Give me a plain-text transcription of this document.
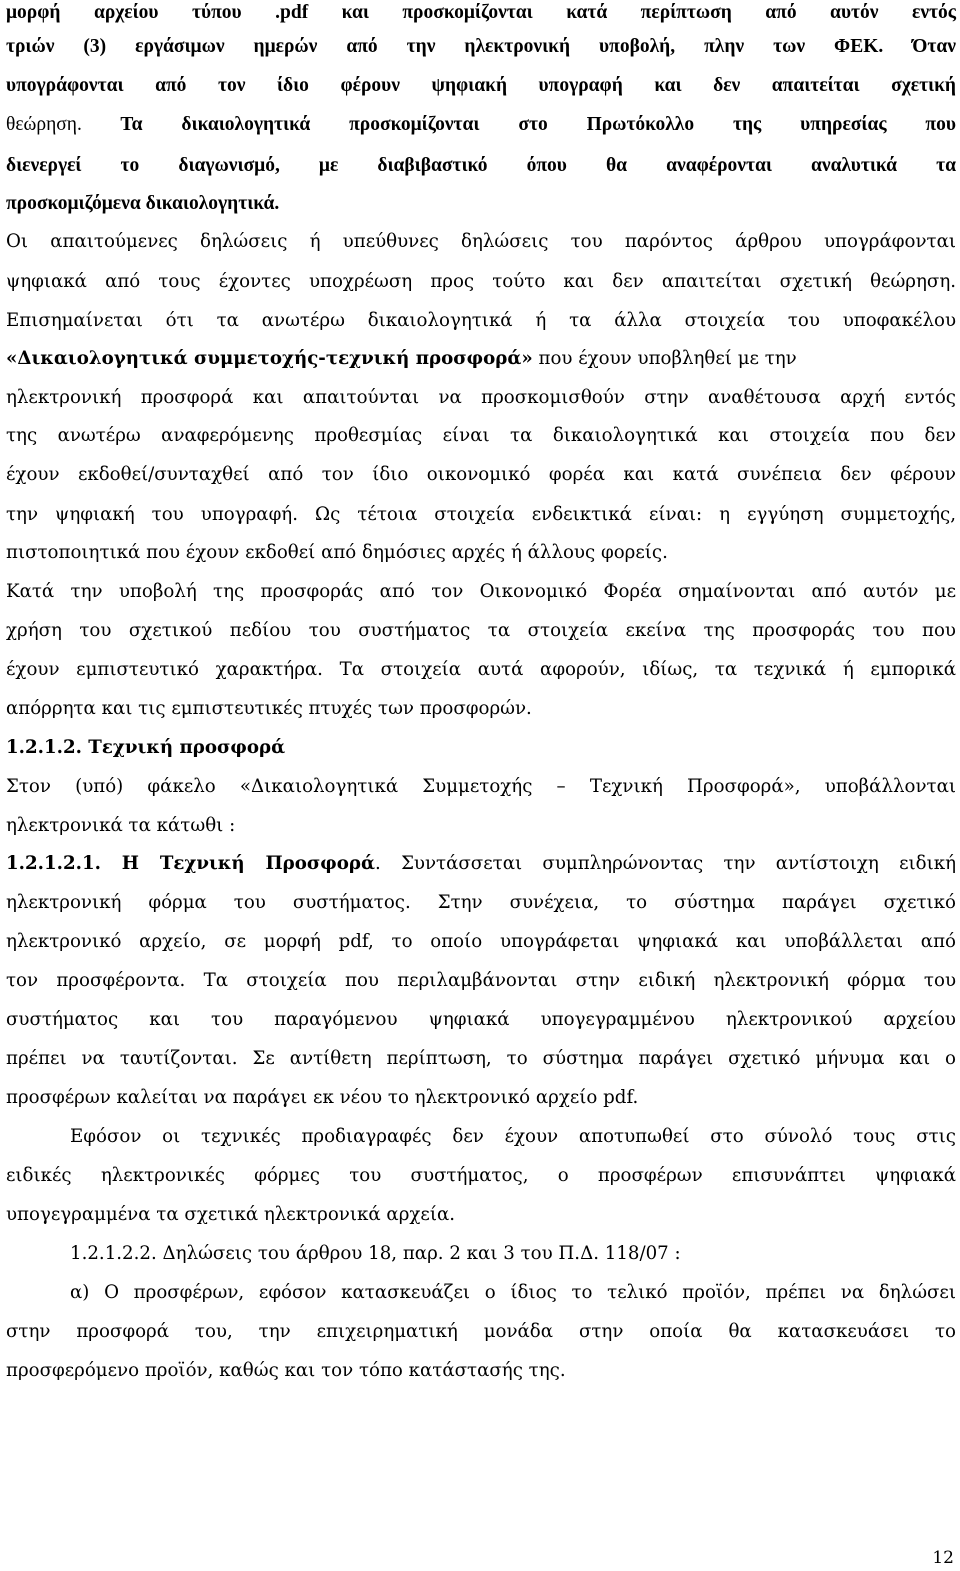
μορφή αρχείου τύπου .pdf και προσκομίζονται κατά περίπτωση από αυτόν εντός

τριών (3) εργάσιμων ημερών από την ηλεκτρονική υποβολή, πλην των ΦΕΚ. Όταν

υπογράφονται από τον ίδιο φέρουν ψηφιακή υπογραφή και δεν απαιτείται σχετική

θεώρηση. Τα δικαιολογητικά προσκομίζονται στο Πρωτόκολλο της υπηρεσίας που

διενεργεί το διαγωνισμό, με διαβιβαστικό όπου θα αναφέρονται αναλυτικά τα

προσκομιζόμενα δικαιολογητικά.

Οι απαιτούμενες δηλώσεις ή υπεύθυνες δηλώσεις του παρόντος άρθρου υπογράφονται

ψηφιακά από τους έχοντες υποχρέωση προς τούτο και δεν απαιτείται σχετική θεώρηση.

Επισημαίνεται ότι τα ανωτέρω δικαιολογητικά ή τα άλλα στοιχεία του υποφακέλου

«Δικαιολογητικά συμμετοχής-τεχνική προσφορά» που έχουν υποβληθεί με την

ηλεκτρονική προσφορά και απαιτούνται να προσκομισθούν στην αναθέτουσα αρχή εντός

της ανωτέρω αναφερόμενης προθεσμίας είναι τα δικαιολογητικά και στοιχεία που δεν

έχουν εκδοθεί/συνταχθεί από τον ίδιο οικονομικό φορέα και κατά συνέπεια δεν φέρουν

την ψηφιακή του υπογραφή. Ως τέτοια στοιχεία ενδεικτικά είναι: η εγγύηση συμμετοχής,

πιστοποιητικά που έχουν εκδοθεί από δημόσιες αρχές ή άλλους φορείς.

Κατά την υποβολή της προσφοράς από τον Οικονομικό Φορέα σημαίνονται από αυτόν με

χρήση του σχετικού πεδίου του συστήματος τα στοιχεία εκείνα της προσφοράς του που

έχουν εμπιστευτικό χαρακτήρα. Τα στοιχεία αυτά αφορούν, ιδίως, τα τεχνικά ή εμπορικά

απόρρητα και τις εμπιστευτικές πτυχές των προσφορών.

1.2.1.2. Τεχνική προσφορά

Στον (υπό) φάκελο «Δικαιολογητικά Συμμετοχής – Τεχνική Προσφορά», υποβάλλονται

ηλεκτρονικά τα κάτωθι :

1.2.1.2.1. Η Τεχνική Προσφορά. Συντάσσεται συμπληρώνοντας την αντίστοιχη ειδική

ηλεκτρονική φόρμα του συστήματος. Στην συνέχεια, το σύστημα παράγει σχετικό

ηλεκτρονικό αρχείο, σε μορφή pdf, το οποίο υπογράφεται ψηφιακά και υποβάλλεται από

τον προσφέροντα. Τα στοιχεία που περιλαμβάνονται στην ειδική ηλεκτρονική φόρμα του

συστήματος και του παραγόμενου ψηφιακά υπογεγραμμένου ηλεκτρονικού αρχείου

πρέπει να ταυτίζονται. Σε αντίθετη περίπτωση, το σύστημα παράγει σχετικό μήνυμα και ο

προσφέρων καλείται να παράγει εκ νέου το ηλεκτρονικό αρχείο pdf.

Εφόσον οι τεχνικές προδιαγραφές δεν έχουν αποτυπωθεί στο σύνολό τους στις

ειδικές ηλεκτρονικές φόρμες του συστήματος, ο προσφέρων επισυνάπτει ψηφιακά

υπογεγραμμένα τα σχετικά ηλεκτρονικά αρχεία.

1.2.1.2.2. Δηλώσεις του άρθρου 18, παρ. 2 και 3 του Π.Δ. 118/07 :

α) Ο προσφέρων, εφόσον κατασκευάζει ο ίδιος το τελικό προϊόν, πρέπει να δηλώσει

στην προσφορά του, την επιχειρηματική μονάδα στην οποία θα κατασκευάσει το

προσφερόμενο προϊόν, καθώς και τον τόπο κατάστασής της.

12
